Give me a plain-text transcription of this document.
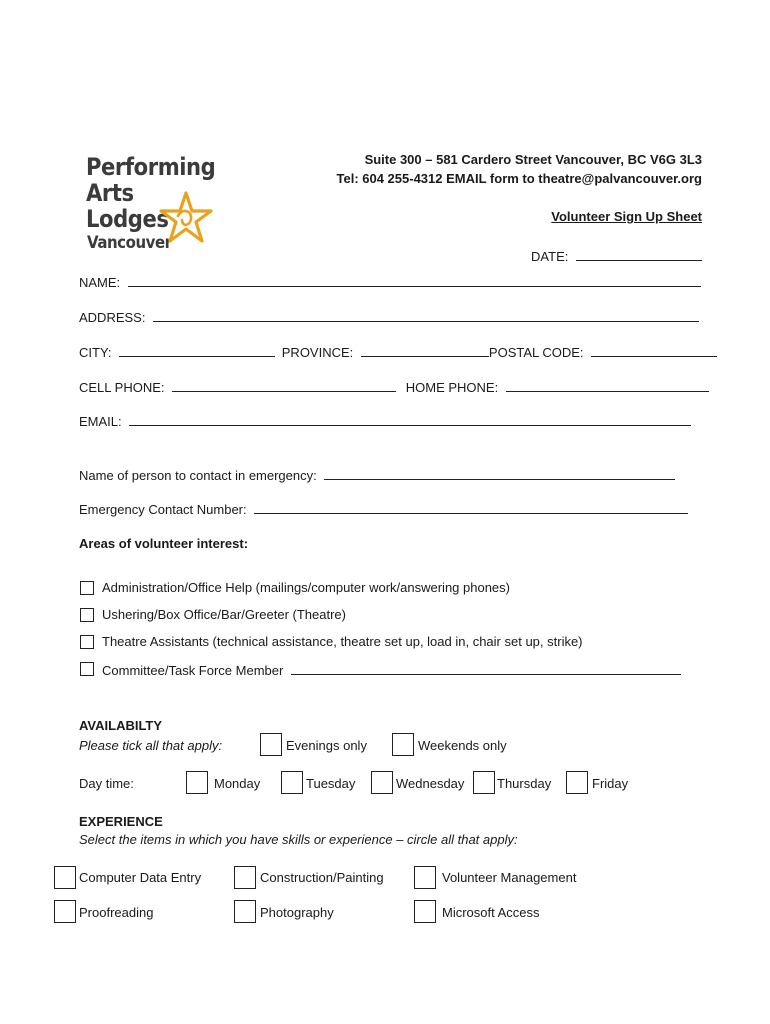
Performing
Arts
Lodges
Vancouver
Suite 300 – 581 Cardero Street Vancouver, BC V6G 3L3
Tel: 604 255-4312 EMAIL form to theatre@palvancouver.org
Volunteer Sign Up Sheet
DATE:
NAME:
ADDRESS:
CITY:	PROVINCE:	POSTAL CODE:
CELL PHONE:	HOME PHONE:
EMAIL:
Name of person to contact in emergency:
Emergency Contact Number:
Areas of volunteer interest:
Administration/Office Help (mailings/computer work/answering phones)
Ushering/Box Office/Bar/Greeter (Theatre)
Theatre Assistants (technical assistance, theatre set up, load in, chair set up, strike)
Committee/Task Force Member
AVAILABILTY
Please tick all that apply:	Evenings only	Weekends only
Day time:	Monday	Tuesday	Wednesday	Thursday	Friday
EXPERIENCE
Select the items in which you have skills or experience – circle all that apply:
Computer Data Entry	Construction/Painting	Volunteer Management
Proofreading	Photography	Microsoft Access
